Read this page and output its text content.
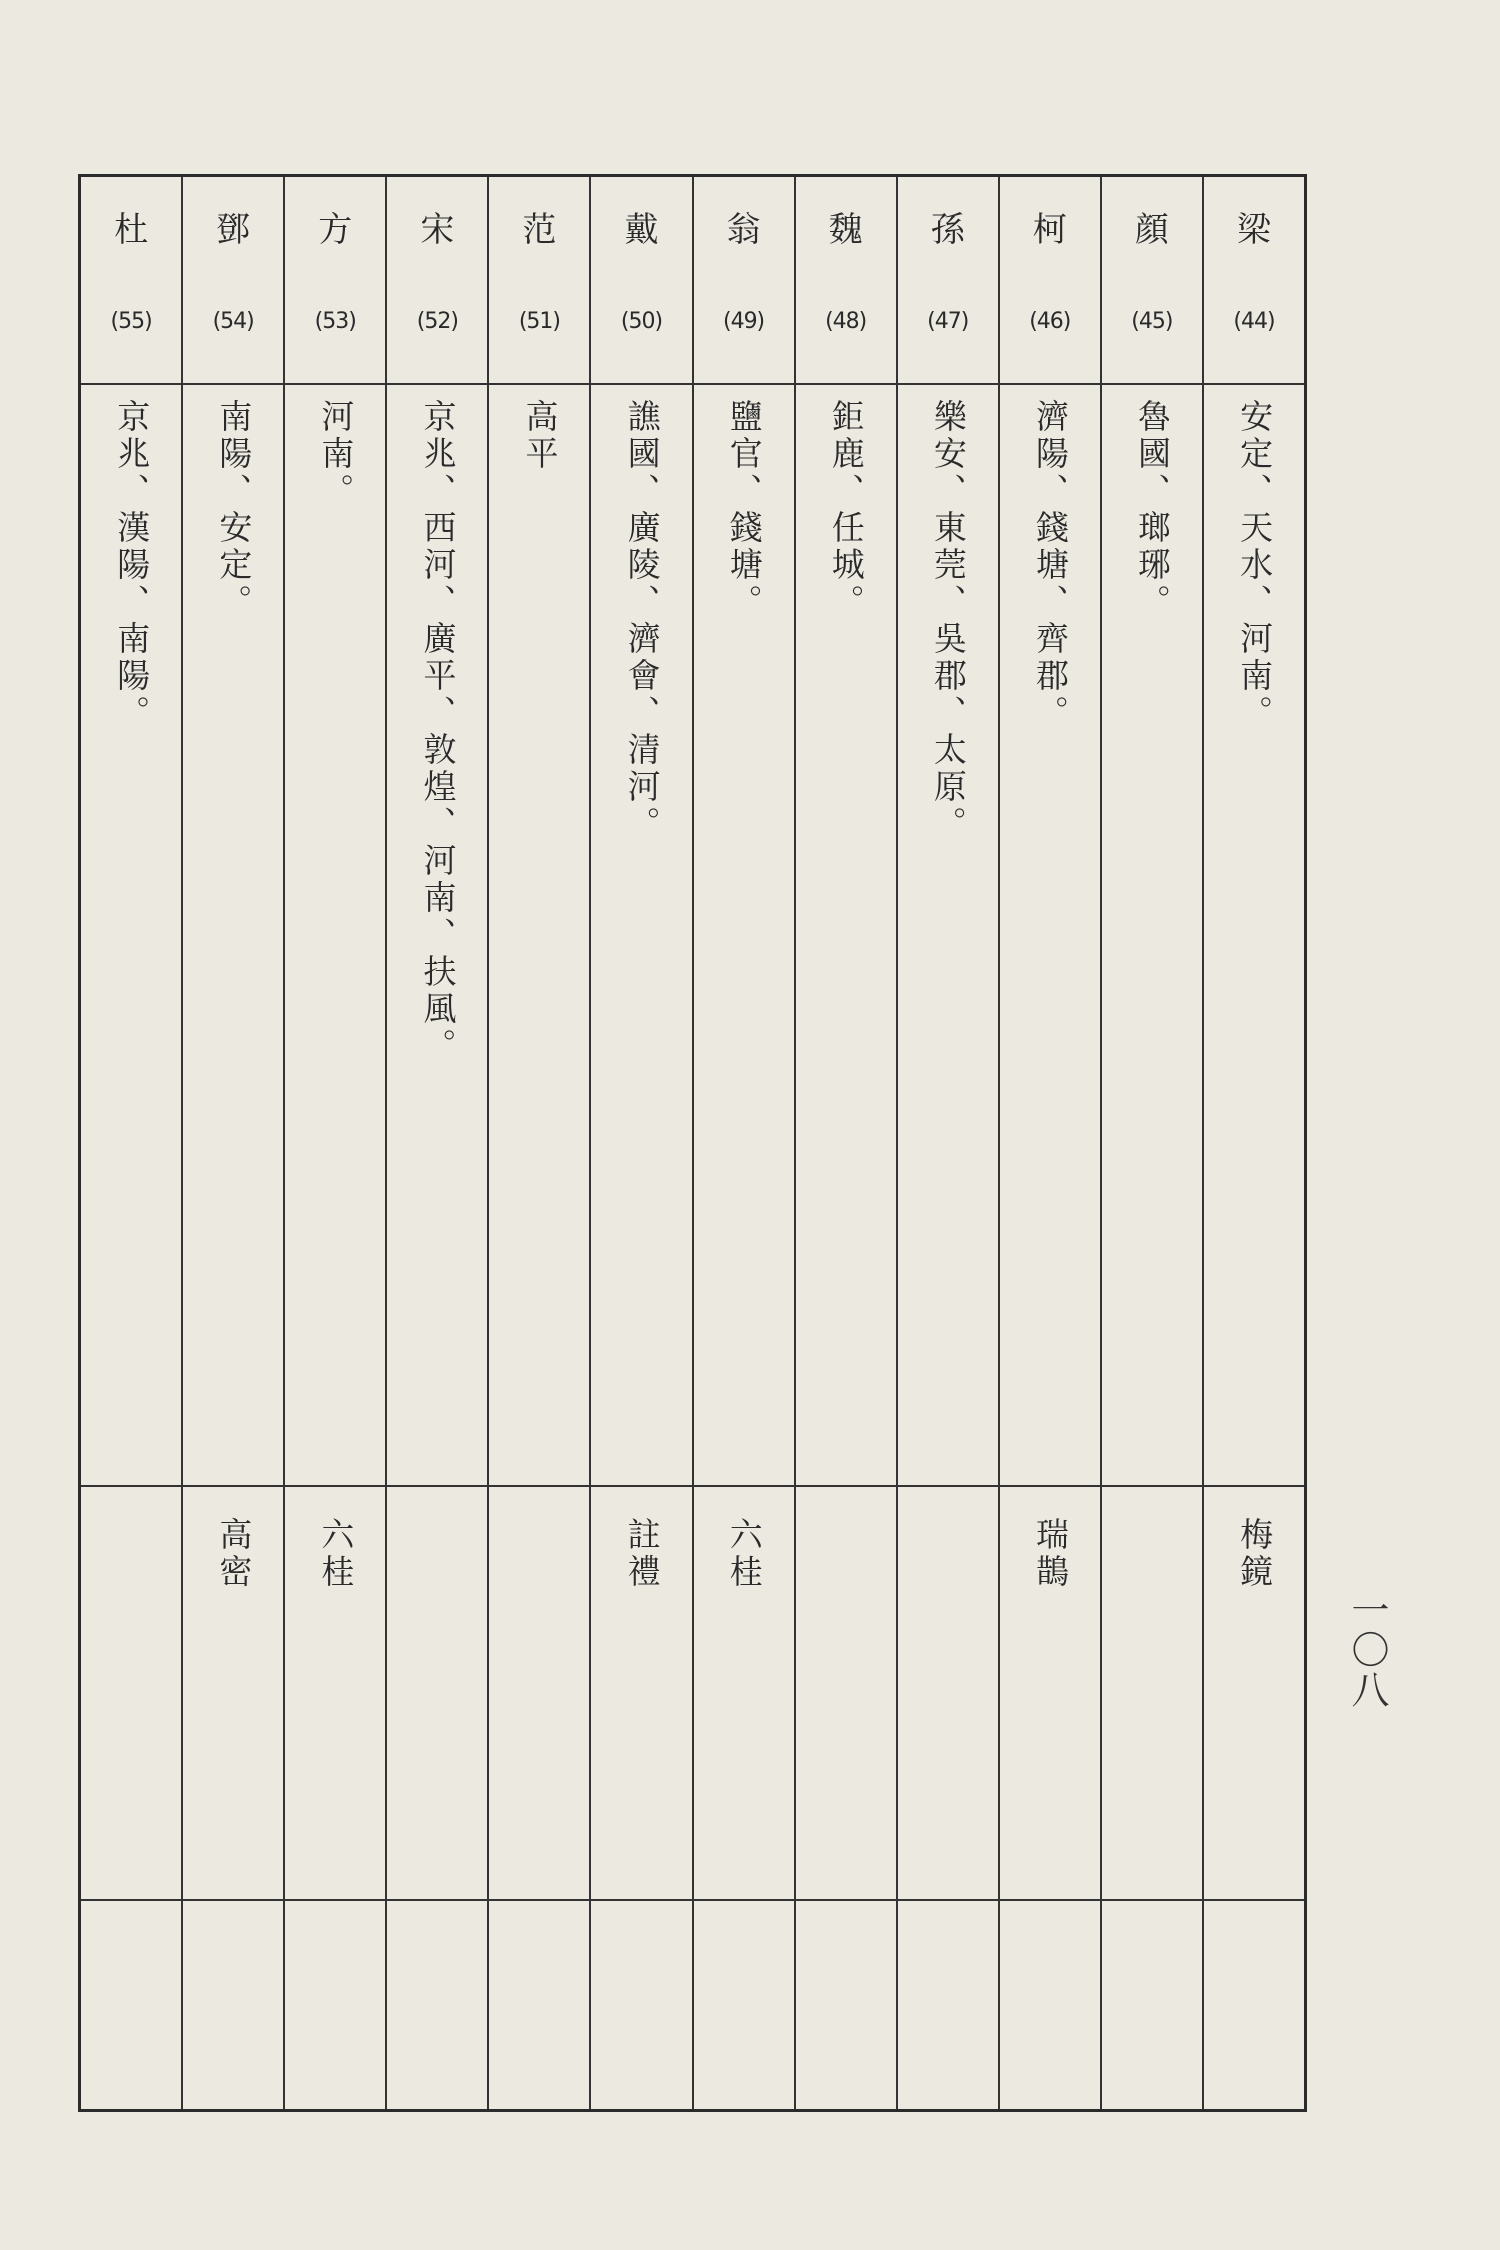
梁
(44)
安定、天水、河南。
梅鏡
顔
(45)
魯國、瑯琊。
柯
(46)
濟陽、錢塘、齊郡。
瑞鵲
孫
(47)
樂安、東莞、吳郡、太原。
魏
(48)
鉅鹿、任城。
翁
(49)
鹽官、錢塘。
六桂
戴
(50)
譙國、廣陵、濟會、清河。
註禮
范
(51)
高平
宋
(52)
京兆、西河、廣平、敦煌、河南、扶風。
方
(53)
河南。
六桂
鄧
(54)
南陽、安定。
高密
杜
(55)
京兆、漢陽、南陽。
一〇八
